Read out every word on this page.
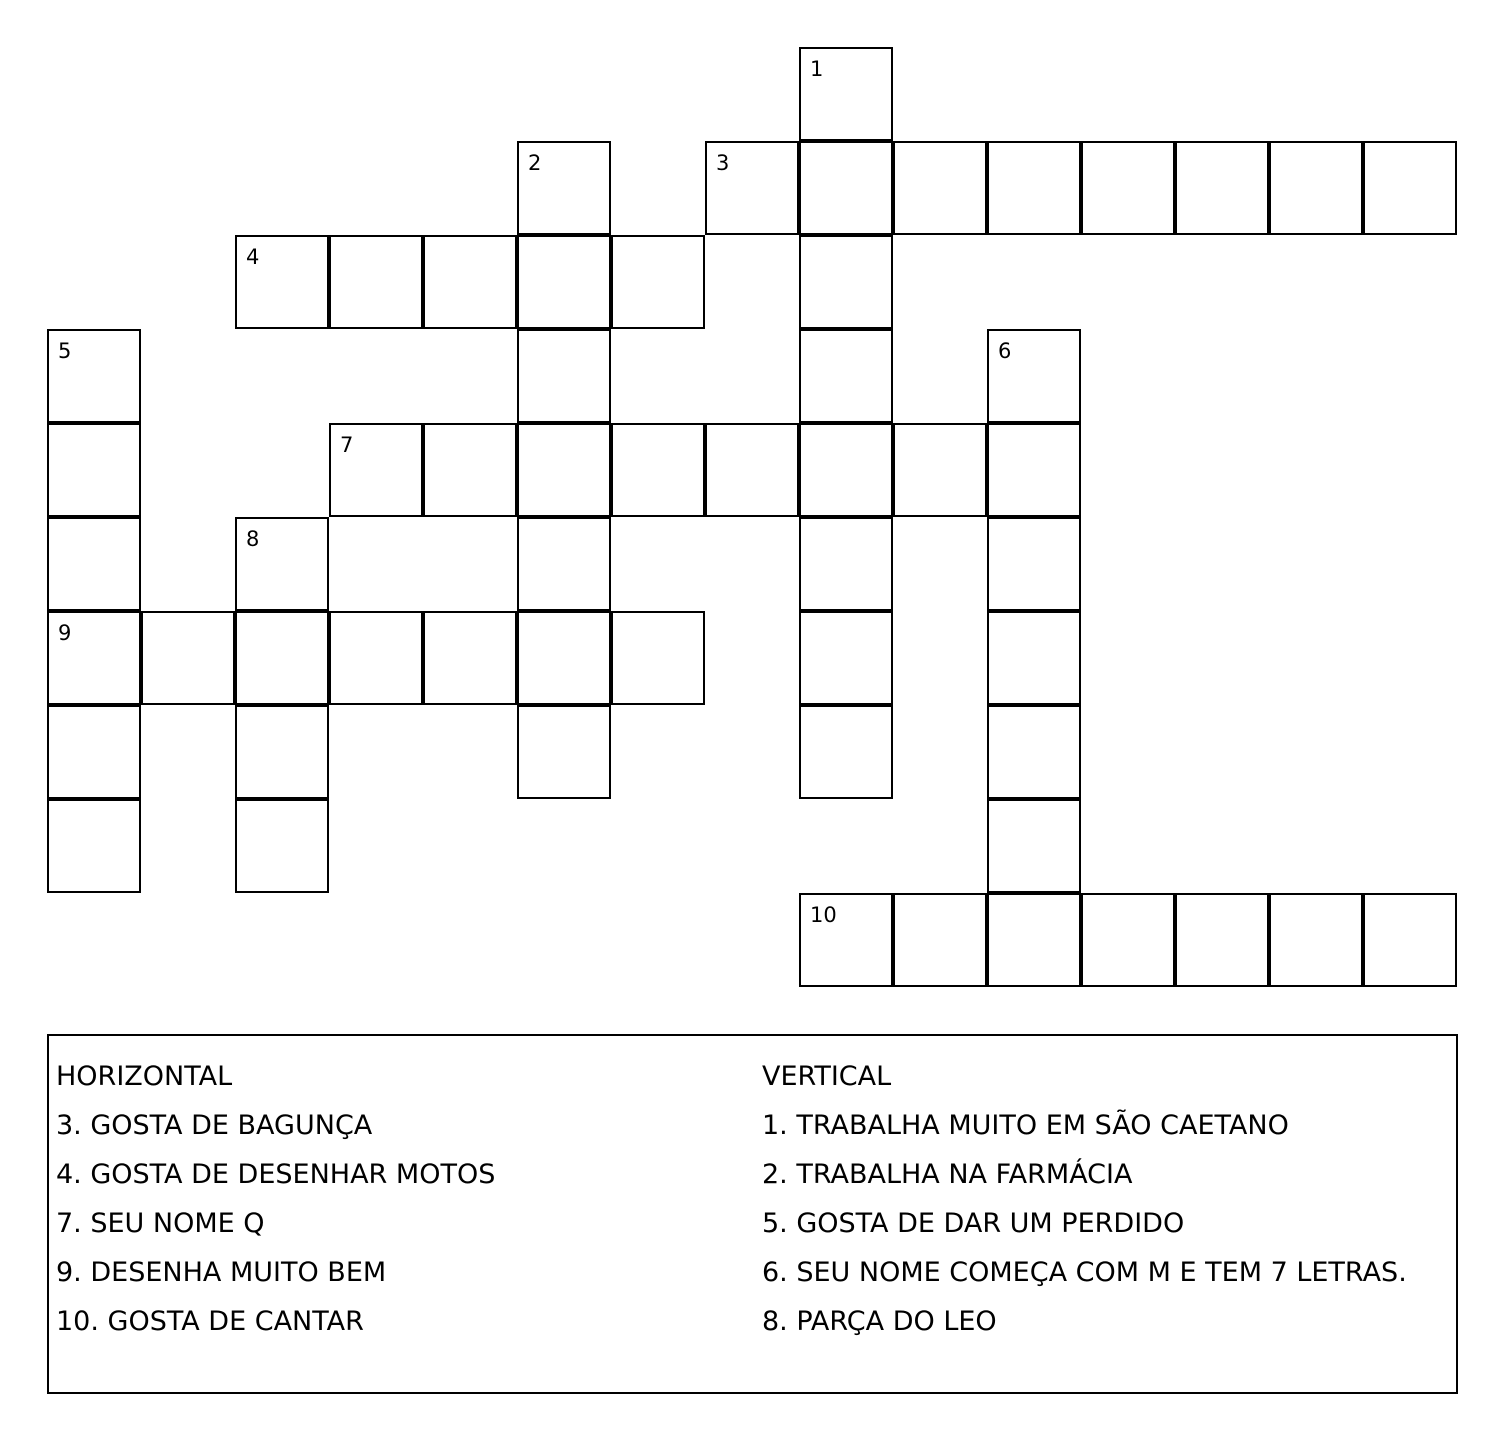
1
2	3
4
5	6
7
8
9
10
HORIZONTAL
3. GOSTA DE BAGUNÇA
4. GOSTA DE DESENHAR MOTOS
7. SEU NOME Q
9. DESENHA MUITO BEM
10. GOSTA DE CANTAR
VERTICAL
1. TRABALHA MUITO EM SÃO CAETANO
2. TRABALHA NA FARMÁCIA
5. GOSTA DE DAR UM PERDIDO
6. SEU NOME COMEÇA COM M E TEM 7 LETRAS.
8. PARÇA DO LEO
